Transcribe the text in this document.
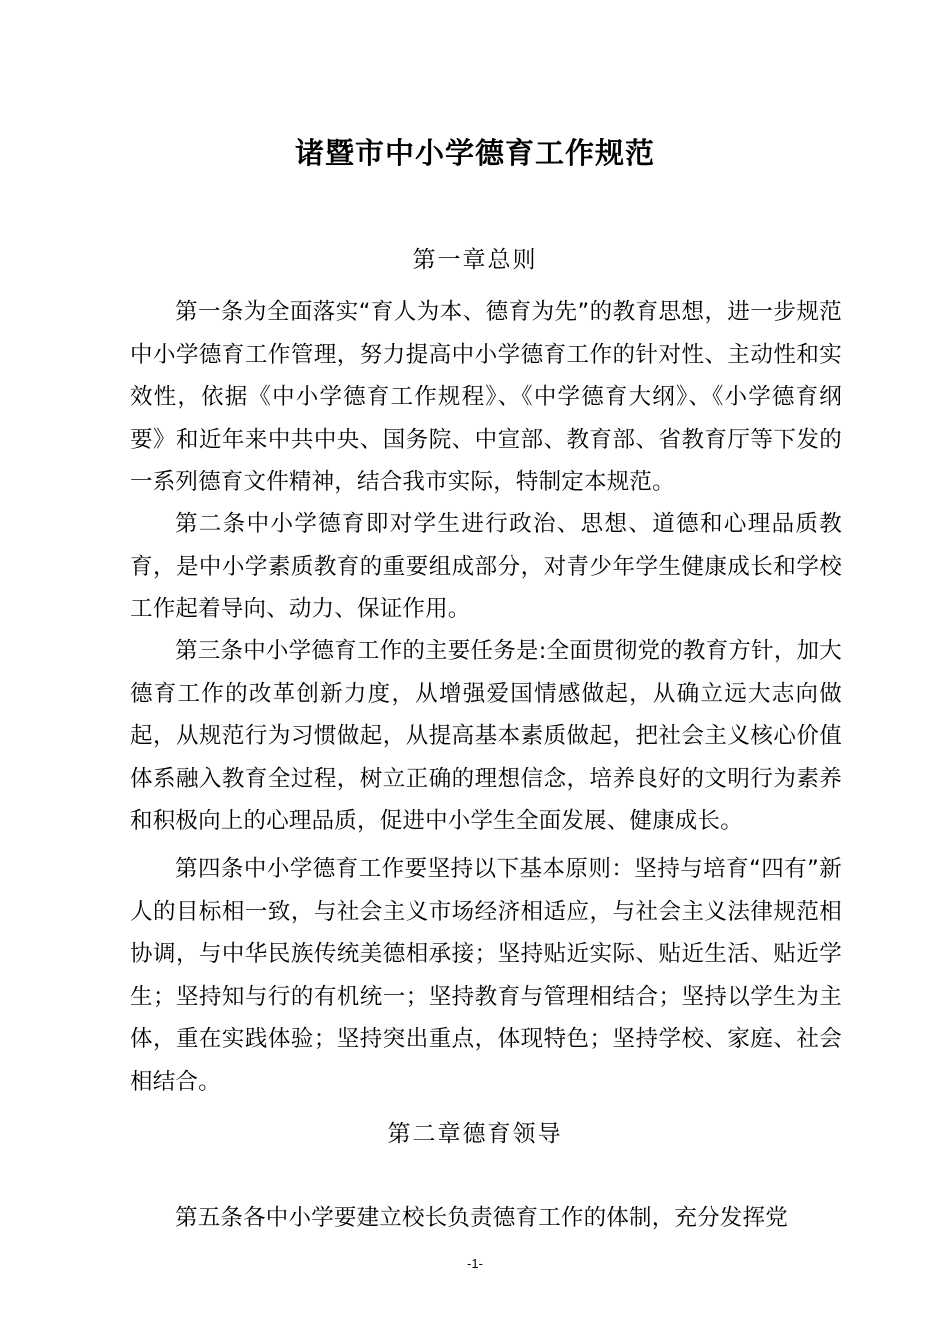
诸暨市中小学德育工作规范
第一章总则

第一条为全面落实“育人为本、德育为先”的教育思想，进一步规范中小学德育工作管理，努力提高中小学德育工作的针对性、主动性和实效性，依据《中小学德育工作规程》、《中学德育大纲》、《小学德育纲要》和近年来中共中央、国务院、中宣部、教育部、省教育厅等下发的一系列德育文件精神，结合我市实际，特制定本规范。

第二条中小学德育即对学生进行政治、思想、道德和心理品质教育，是中小学素质教育的重要组成部分，对青少年学生健康成长和学校工作起着导向、动力、保证作用。

第三条中小学德育工作的主要任务是:全面贯彻党的教育方针，加大德育工作的改革创新力度，从增强爱国情感做起，从确立远大志向做起，从规范行为习惯做起，从提高基本素质做起，把社会主义核心价值体系融入教育全过程，树立正确的理想信念，培养良好的文明行为素养和积极向上的心理品质，促进中小学生全面发展、健康成长。

第四条中小学德育工作要坚持以下基本原则：坚持与培育“四有”新人的目标相一致，与社会主义市场经济相适应，与社会主义法律规范相协调，与中华民族传统美德相承接；坚持贴近实际、贴近生活、贴近学生；坚持知与行的有机统一；坚持教育与管理相结合；坚持以学生为主体，重在实践体验；坚持突出重点，体现特色；坚持学校、家庭、社会相结合。

第二章德育领导

第五条各中小学要建立校长负责德育工作的体制，充分发挥党

-1-
